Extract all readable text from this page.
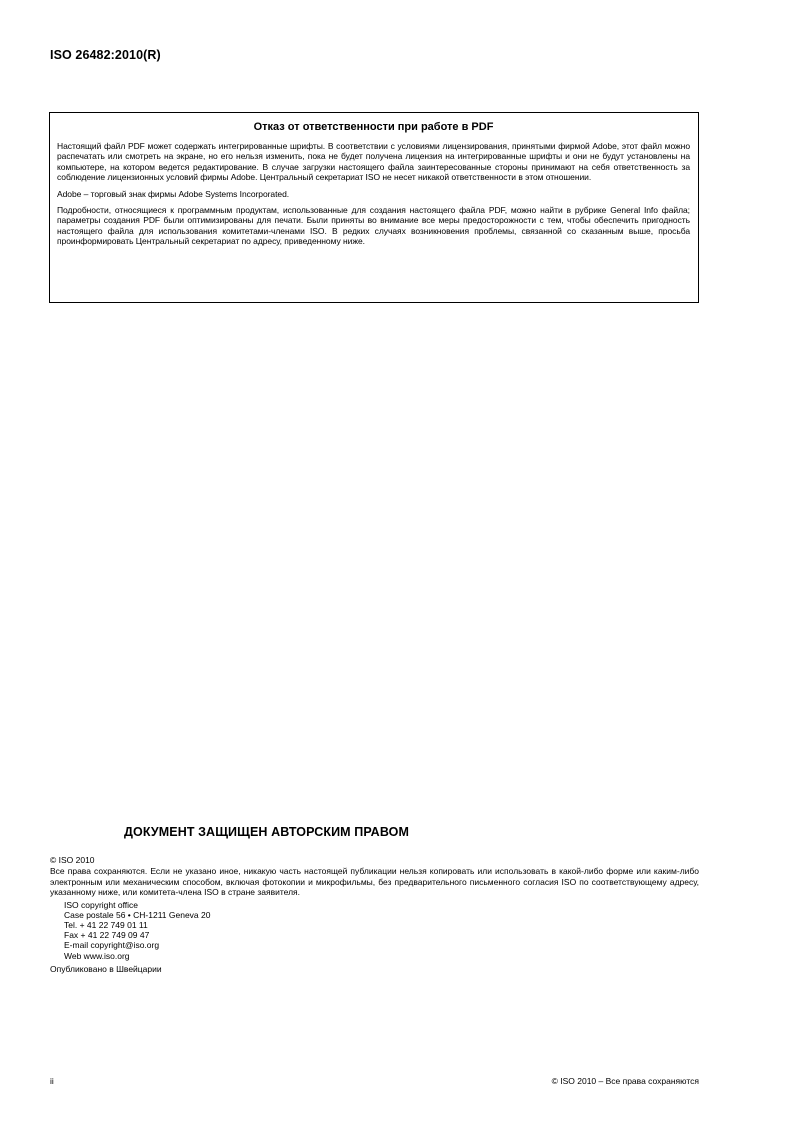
ISO 26482:2010(R)
Отказ от ответственности при работе в PDF

Настоящий файл PDF может содержать интегрированные шрифты. В соответствии с условиями лицензирования, принятыми фирмой Adobe, этот файл можно распечатать или смотреть на экране, но его нельзя изменить, пока не будет получена лицензия на интегрированные шрифты и они не будут установлены на компьютере, на котором ведется редактирование. В случае загрузки настоящего файла заинтересованные стороны принимают на себя ответственность за соблюдение лицензионных условий фирмы Adobe. Центральный секретариат ISO не несет никакой ответственности в этом отношении.

Adobe – торговый знак фирмы Adobe Systems Incorporated.

Подробности, относящиеся к программным продуктам, использованные для создания настоящего файла PDF, можно найти в рубрике General Info файла; параметры создания PDF были оптимизированы для печати. Были приняты во внимание все меры предосторожности с тем, чтобы обеспечить пригодность настоящего файла для использования комитетами-членами ISO. В редких случаях возникновения проблемы, связанной со сказанным выше, просьба проинформировать Центральный секретариат по адресу, приведенному ниже.

ДОКУМЕНТ ЗАЩИЩЕН АВТОРСКИМ ПРАВОМ
© ISO 2010
Все права сохраняются. Если не указано иное, никакую часть настоящей публикации нельзя копировать или использовать в какой-либо форме или каким-либо электронным или механическим способом, включая фотокопии и микрофильмы, без предварительного письменного согласия ISO по соответствующему адресу, указанному ниже, или комитета-члена ISO в стране заявителя.
ISO copyright office
Case postale 56 • CH-1211 Geneva 20
Tel. + 41 22 749 01 11
Fax + 41 22 749 09 47
E-mail copyright@iso.org
Web www.iso.org
Опубликовано в Швейцарии
ii	© ISO 2010 – Все права сохраняются
